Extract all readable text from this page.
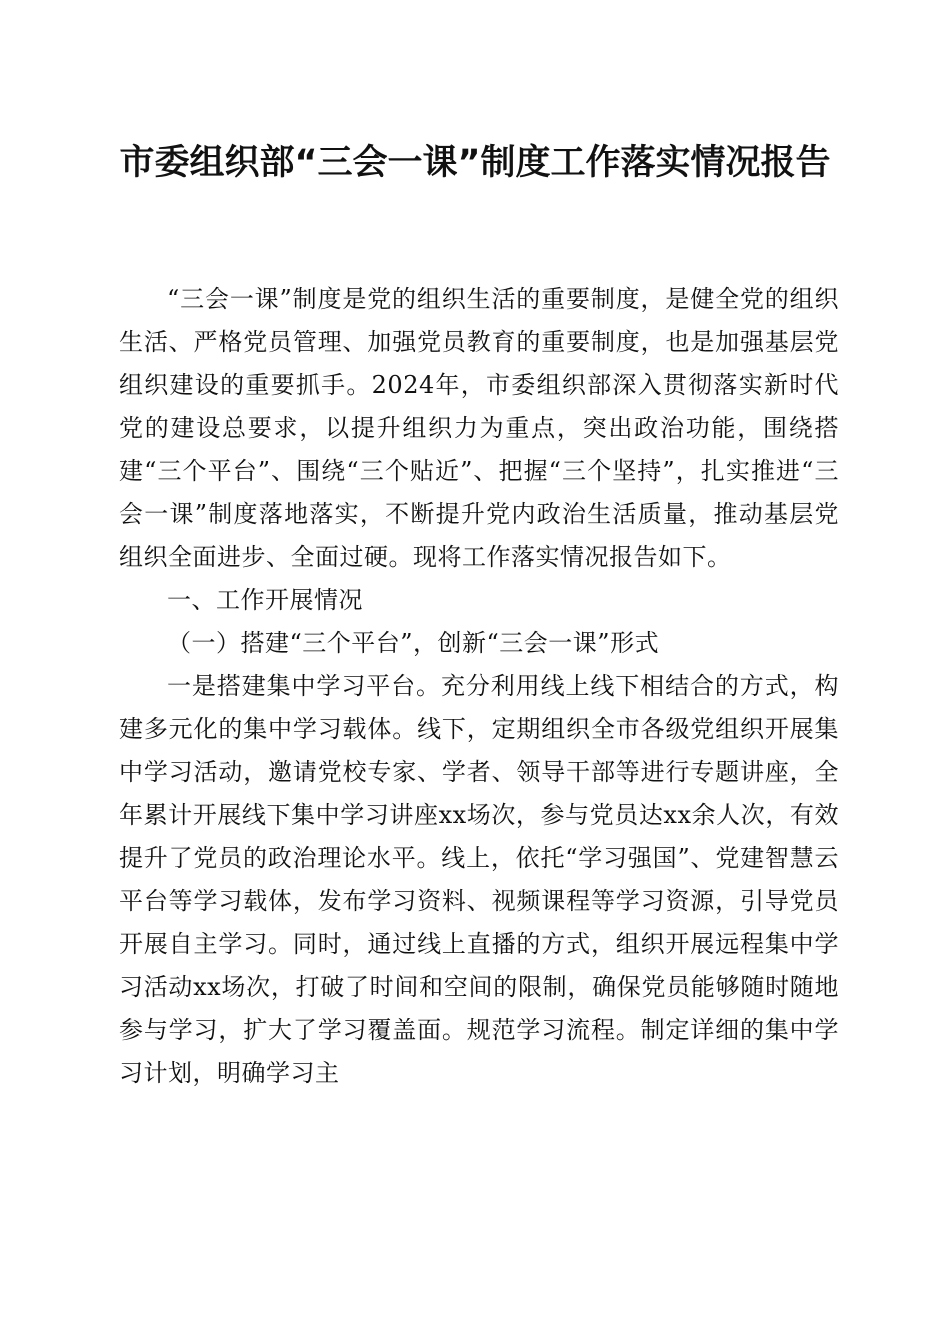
市委组织部“三会一课”制度工作落实情况报告

“三会一课”制度是党的组织生活的重要制度，是健全党的组织生活、严格党员管理、加强党员教育的重要制度，也是加强基层党组织建设的重要抓手。2024年，市委组织部深入贯彻落实新时代党的建设总要求，以提升组织力为重点，突出政治功能，围绕搭建“三个平台”、围绕“三个贴近”、把握“三个坚持”，扎实推进“三会一课”制度落地落实，不断提升党内政治生活质量，推动基层党组织全面进步、全面过硬。现将工作落实情况报告如下。

一、工作开展情况

（一）搭建“三个平台”，创新“三会一课”形式

一是搭建集中学习平台。充分利用线上线下相结合的方式，构建多元化的集中学习载体。线下，定期组织全市各级党组织开展集中学习活动，邀请党校专家、学者、领导干部等进行专题讲座，全年累计开展线下集中学习讲座xx场次，参与党员达xx余人次，有效提升了党员的政治理论水平。线上，依托“学习强国”、党建智慧云平台等学习载体，发布学习资料、视频课程等学习资源，引导党员开展自主学习。同时，通过线上直播的方式，组织开展远程集中学习活动xx场次，打破了时间和空间的限制，确保党员能够随时随地参与学习，扩大了学习覆盖面。规范学习流程。制定详细的集中学习计划，明确学习主
